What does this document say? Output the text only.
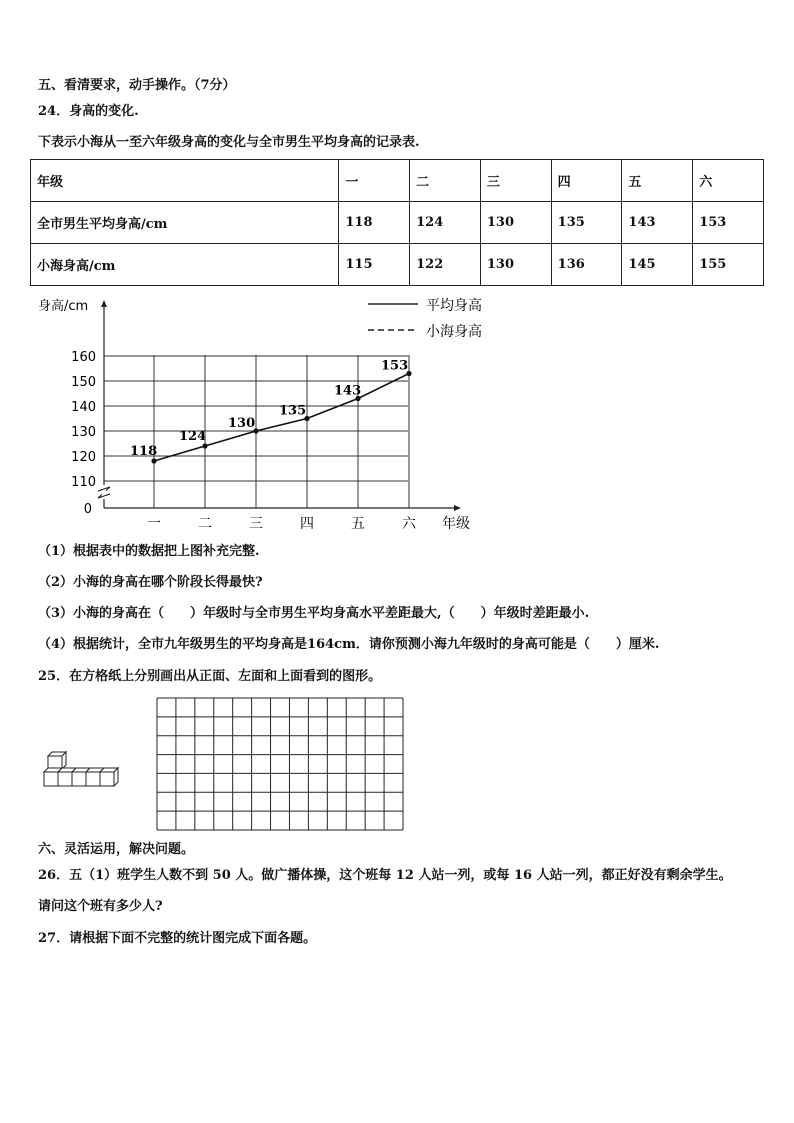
五、看清要求，动手操作。（7分）
24．身高的变化.
下表示小海从一至六年级身高的变化与全市男生平均身高的记录表.
年级	一	二	三	四	五	六
全市男生平均身高/cm	118	124	130	135	143	153
小海身高/cm	115	122	130	136	145	155
110
120
130
140
150
160
一	二	三	四	五	六
0
身高/cm
年级
平均身高
小海身高
118
124
130
135
143
153
（1）根据表中的数据把上图补充完整.
（2）小海的身高在哪个阶段长得最快?
（3）小海的身高在（　　）年级时与全市男生平均身高水平差距最大,（　　）年级时差距最小.
（4）根据统计，全市九年级男生的平均身高是164cm．请你预测小海九年级时的身高可能是（　　）厘米.
25．在方格纸上分别画出从正面、左面和上面看到的图形。
六、灵活运用，解决问题。
26．五（1）班学生人数不到 50 人。做广播体操，这个班每 12 人站一列，或每 16 人站一列，都正好没有剩余学生。
请问这个班有多少人?
27．请根据下面不完整的统计图完成下面各题。
